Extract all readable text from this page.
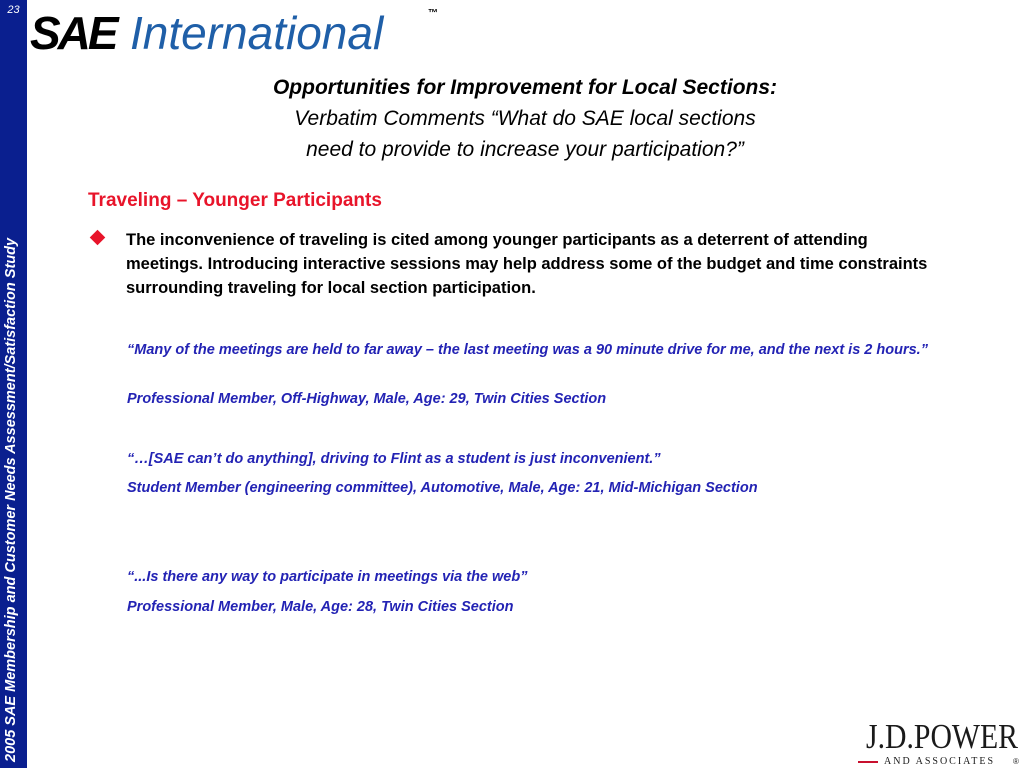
23
2005 SAE Membership and Customer Needs Assessment/Satisfaction Study
SAE International	™
Opportunities for Improvement for Local Sections:
Verbatim Comments “What do SAE local sections
need to provide to increase your participation?”
Traveling – Younger Participants
The inconvenience of traveling is cited among younger participants as a deterrent of attending meetings. Introducing interactive sessions may help address some of the budget and time constraints surrounding traveling for local section participation.
“Many of the meetings are held to far away – the last meeting was a 90 minute drive for me, and the next is 2 hours.”
Professional Member, Off-Highway, Male, Age: 29, Twin Cities Section
“…[SAE can’t do anything], driving to Flint as a student is just inconvenient.”
Student Member (engineering committee), Automotive, Male, Age: 21, Mid-Michigan Section
“...Is there any way to participate in meetings via the web”
Professional Member, Male, Age: 28, Twin Cities Section
J.D.POWER
AND ASSOCIATES ®
